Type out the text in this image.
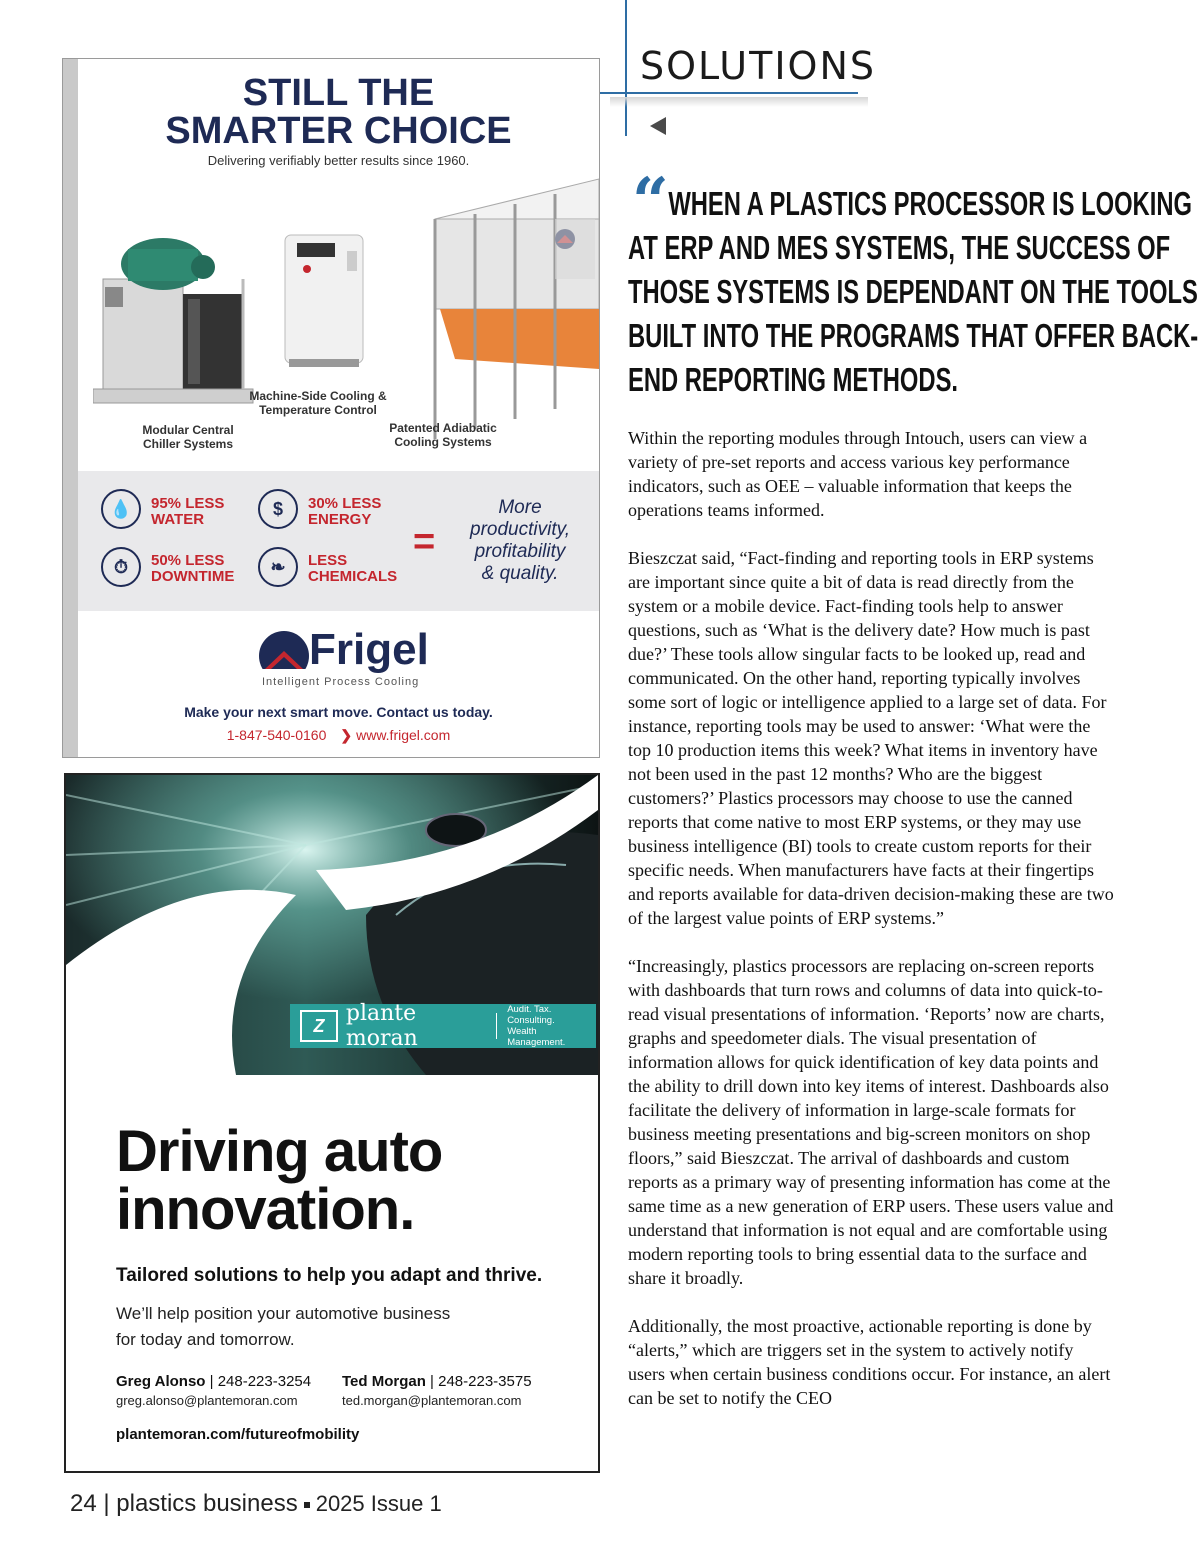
SOLUTIONS
“ WHEN A PLASTICS PROCESSOR IS LOOKING
AT ERP AND MES SYSTEMS, THE SUCCESS OF
THOSE SYSTEMS IS DEPENDANT ON THE TOOLS
BUILT INTO THE PROGRAMS THAT OFFER BACK-
END REPORTING METHODS.

Within the reporting modules through Intouch, users can view a variety of pre-set reports and access various key performance indicators, such as OEE – valuable information that keeps the operations teams informed.

Bieszczat said, “Fact-finding and reporting tools in ERP systems are important since quite a bit of data is read directly from the system or a mobile device. Fact-finding tools help to answer questions, such as ‘What is the delivery date? How much is past due?’ These tools allow singular facts to be looked up, read and communicated. On the other hand, reporting typically involves some sort of logic or intelligence applied to a large set of data. For instance, reporting tools may be used to answer: ‘What were the top 10 production items this week? What items in inventory have not been used in the past 12 months? Who are the biggest customers?’ Plastics processors may choose to use the canned reports that come native to most ERP systems, or they may use business intelligence (BI) tools to create custom reports for their specific needs. When manufacturers have facts at their fingertips and reports available for data-driven decision-making these are two of the largest value points of ERP systems.”

“Increasingly, plastics processors are replacing on-screen reports with dashboards that turn rows and columns of data into quick-to-read visual presentations of information. ‘Reports’ now are charts, graphs and speedometer dials. The visual presentation of information allows for quick identification of key data points and the ability to drill down into key items of interest. Dashboards also facilitate the delivery of information in large-scale formats for business meeting presentations and big-screen monitors on shop floors,” said Bieszczat. The arrival of dashboards and custom reports as a primary way of presenting information has come at the same time as a new generation of ERP users. These users value and understand that information is not equal and are comfortable using modern reporting tools to bring essential data to the surface and share it broadly.

Additionally, the most proactive, actionable reporting is done by “alerts,” which are triggers set in the system to actively notify users when certain business conditions occur. For instance, an alert can be set to notify the CEO

24 | plastics business 2025 Issue 1
STILL THE
SMARTER CHOICE
Delivering verifiably better results since 1960.
Modular Central
Chiller Systems
Machine-Side Cooling &
Temperature Control
Patented Adiabatic
Cooling Systems
💧	95% LESS
WATER
$	30% LESS
ENERGY
⏱	50% LESS
DOWNTIME	❧	LESS
CHEMICALS
=
More
productivity,
profitability
& quality.
Frigel
Intelligent Process Cooling
Make your next smart move. Contact us today.
1-847-540-0160 ❯ www.frigel.com
Z plante moran
Audit. Tax. Consulting.
Wealth Management.
Driving auto
innovation.
Tailored solutions to help you adapt and thrive.
We’ll help position your automotive business
for today and tomorrow.
Greg Alonso | 248-223-3254
greg.alonso@plantemoran.com
Ted Morgan | 248-223-3575
ted.morgan@plantemoran.com
plantemoran.com/futureofmobility
